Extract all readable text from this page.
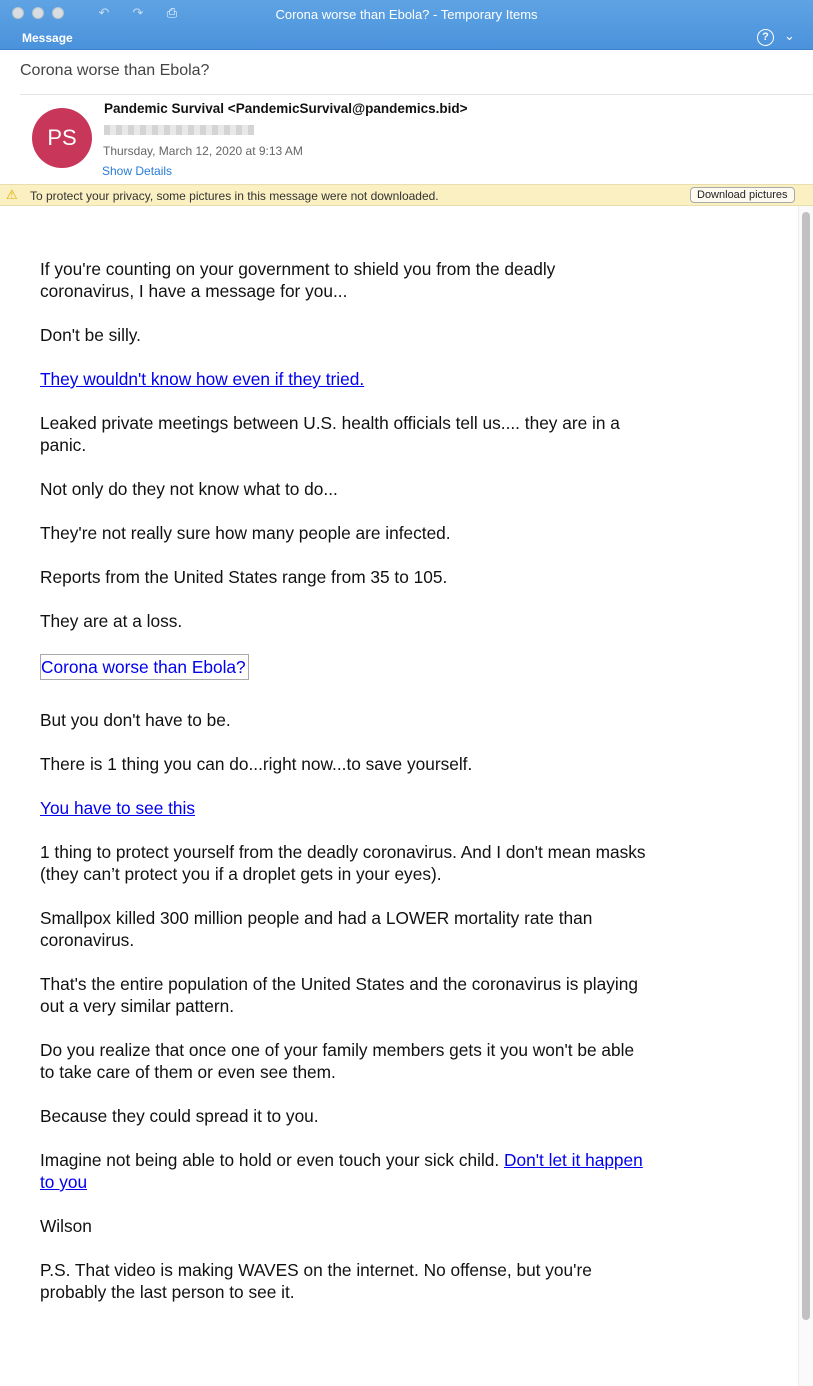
↶	↷	⎙	Corona worse than Ebola? - Temporary Items
Message	?	⌄
Corona worse than Ebola?
PS
Pandemic Survival <PandemicSurvival@pandemics.bid>
Thursday, March 12, 2020 at 9:13 AM
Show Details
⚠ To protect your privacy, some pictures in this message were not downloaded.	Download pictures

If you're counting on your government to shield you from the deadly coronavirus, I have a message for you...

Don't be silly.

They wouldn't know how even if they tried.

Leaked private meetings between U.S. health officials tell us.... they are in a panic.

Not only do they not know what to do...

They're not really sure how many people are infected.

Reports from the United States range from 35 to 105.

They are at a loss.

Corona worse than Ebola?

But you don't have to be.

There is 1 thing you can do...right now...to save yourself.

You have to see this

1 thing to protect yourself from the deadly coronavirus. And I don't mean masks (they can’t protect you if a droplet gets in your eyes).

Smallpox killed 300 million people and had a LOWER mortality rate than coronavirus.

That's the entire population of the United States and the coronavirus is playing out a very similar pattern.

Do you realize that once one of your family members gets it you won't be able to take care of them or even see them.

Because they could spread it to you.

Imagine not being able to hold or even touch your sick child. Don't let it happen to you

Wilson

P.S. That video is making WAVES on the internet. No offense, but you're probably the last person to see it.
